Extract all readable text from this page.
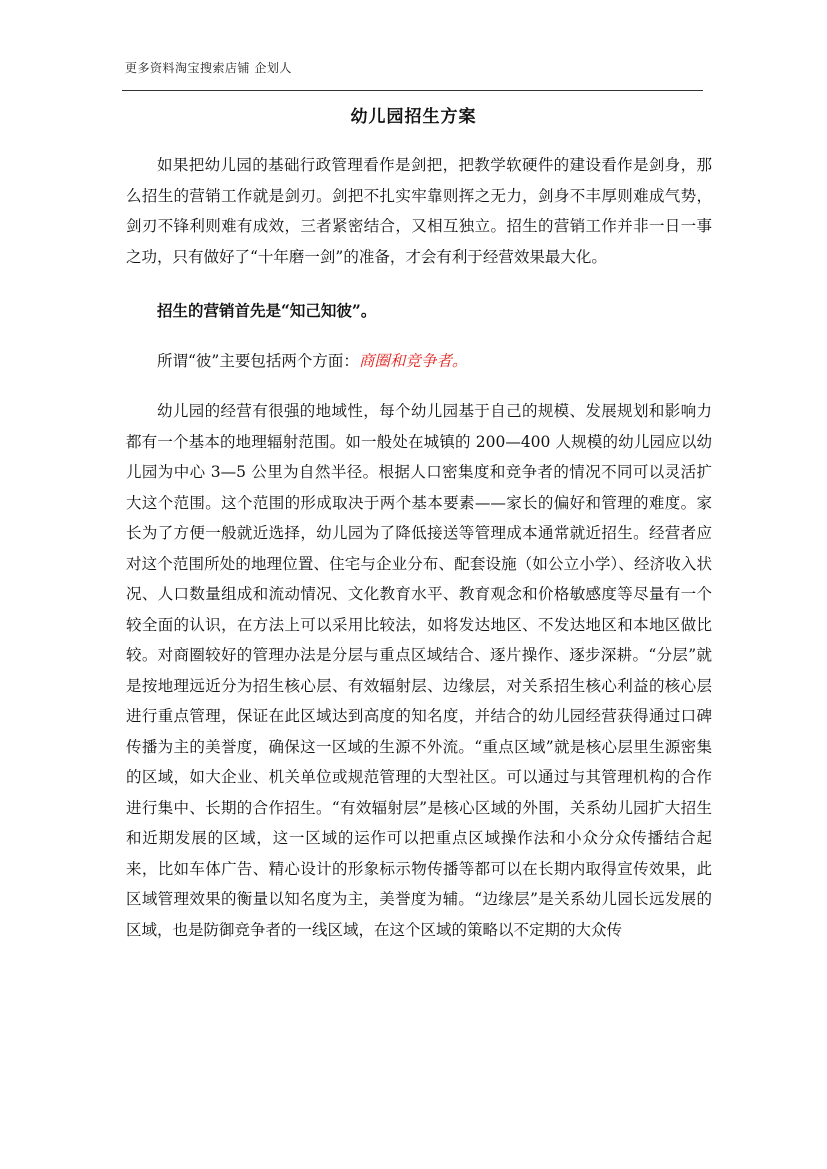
更多资料淘宝搜索店铺 企划人
幼儿园招生方案

如果把幼儿园的基础行政管理看作是剑把，把教学软硬件的建设看作是剑身，那么招生的营销工作就是剑刃。剑把不扎实牢靠则挥之无力，剑身不丰厚则难成气势，剑刃不锋利则难有成效，三者紧密结合，又相互独立。招生的营销工作并非一日一事之功，只有做好了“十年磨一剑”的准备，才会有利于经营效果最大化。

招生的营销首先是“知己知彼”。

所谓“彼”主要包括两个方面：商圈和竞争者。

幼儿园的经营有很强的地域性，每个幼儿园基于自己的规模、发展规划和影响力都有一个基本的地理辐射范围。如一般处在城镇的 200—400 人规模的幼儿园应以幼儿园为中心 3—5 公里为自然半径。根据人口密集度和竞争者的情况不同可以灵活扩大这个范围。这个范围的形成取决于两个基本要素——家长的偏好和管理的难度。家长为了方便一般就近选择，幼儿园为了降低接送等管理成本通常就近招生。经营者应对这个范围所处的地理位置、住宅与企业分布、配套设施（如公立小学）、经济收入状况、人口数量组成和流动情况、文化教育水平、教育观念和价格敏感度等尽量有一个较全面的认识，在方法上可以采用比较法，如将发达地区、不发达地区和本地区做比较。对商圈较好的管理办法是分层与重点区域结合、逐片操作、逐步深耕。“分层”就是按地理远近分为招生核心层、有效辐射层、边缘层，对关系招生核心利益的核心层进行重点管理，保证在此区域达到高度的知名度，并结合的幼儿园经营获得通过口碑传播为主的美誉度，确保这一区域的生源不外流。“重点区域”就是核心层里生源密集的区域，如大企业、机关单位或规范管理的大型社区。可以通过与其管理机构的合作进行集中、长期的合作招生。“有效辐射层”是核心区域的外围，关系幼儿园扩大招生和近期发展的区域，这一区域的运作可以把重点区域操作法和小众分众传播结合起来，比如车体广告、精心设计的形象标示物传播等都可以在长期内取得宣传效果，此区域管理效果的衡量以知名度为主，美誉度为辅。“边缘层”是关系幼儿园长远发展的区域，也是防御竞争者的一线区域，在这个区域的策略以不定期的大众传
